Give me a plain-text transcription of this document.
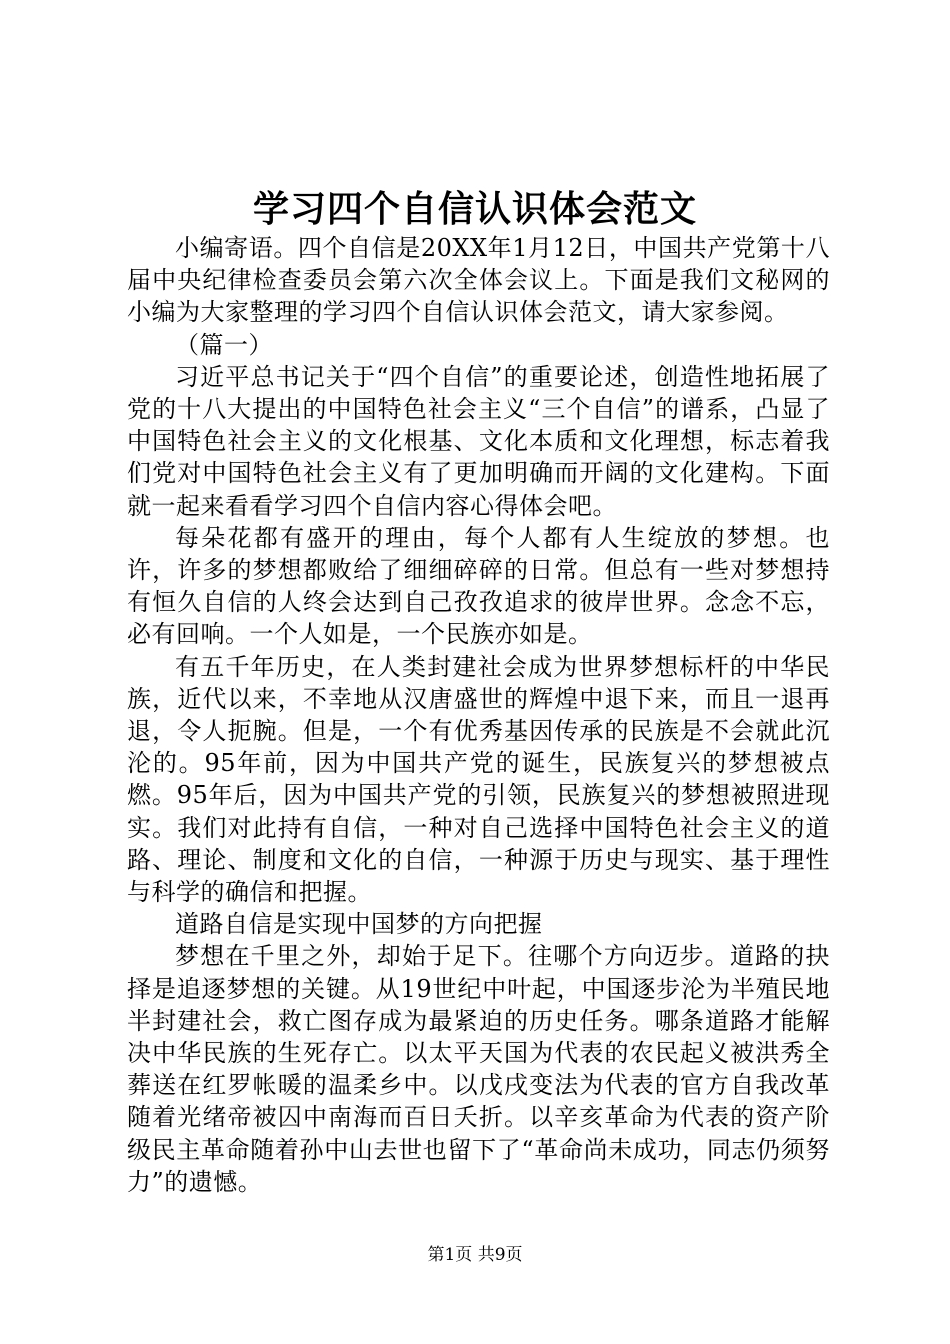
学习四个自信认识体会范文

小编寄语。四个自信是20XX年1月12日，中国共产党第十八届中央纪律检查委员会第六次全体会议上。下面是我们文秘网的小编为大家整理的学习四个自信认识体会范文，请大家参阅。

（篇一）

习近平总书记关于“四个自信”的重要论述，创造性地拓展了党的十八大提出的中国特色社会主义“三个自信”的谱系，凸显了中国特色社会主义的文化根基、文化本质和文化理想，标志着我们党对中国特色社会主义有了更加明确而开阔的文化建构。下面就一起来看看学习四个自信内容心得体会吧。

每朵花都有盛开的理由，每个人都有人生绽放的梦想。也许，许多的梦想都败给了细细碎碎的日常。但总有一些对梦想持有恒久自信的人终会达到自己孜孜追求的彼岸世界。念念不忘，必有回响。一个人如是，一个民族亦如是。

有五千年历史，在人类封建社会成为世界梦想标杆的中华民族，近代以来，不幸地从汉唐盛世的辉煌中退下来，而且一退再退，令人扼腕。但是，一个有优秀基因传承的民族是不会就此沉沦的。95年前，因为中国共产党的诞生，民族复兴的梦想被点燃。95年后，因为中国共产党的引领，民族复兴的梦想被照进现实。我们对此持有自信，一种对自己选择中国特色社会主义的道路、理论、制度和文化的自信，一种源于历史与现实、基于理性与科学的确信和把握。

道路自信是实现中国梦的方向把握

梦想在千里之外，却始于足下。往哪个方向迈步。道路的抉择是追逐梦想的关键。从19世纪中叶起，中国逐步沦为半殖民地半封建社会，救亡图存成为最紧迫的历史任务。哪条道路才能解决中华民族的生死存亡。以太平天国为代表的农民起义被洪秀全葬送在红罗帐暖的温柔乡中。以戊戌变法为代表的官方自我改革随着光绪帝被囚中南海而百日夭折。以辛亥革命为代表的资产阶级民主革命随着孙中山去世也留下了“革命尚未成功，同志仍须努力”的遗憾。

第1页 共9页
